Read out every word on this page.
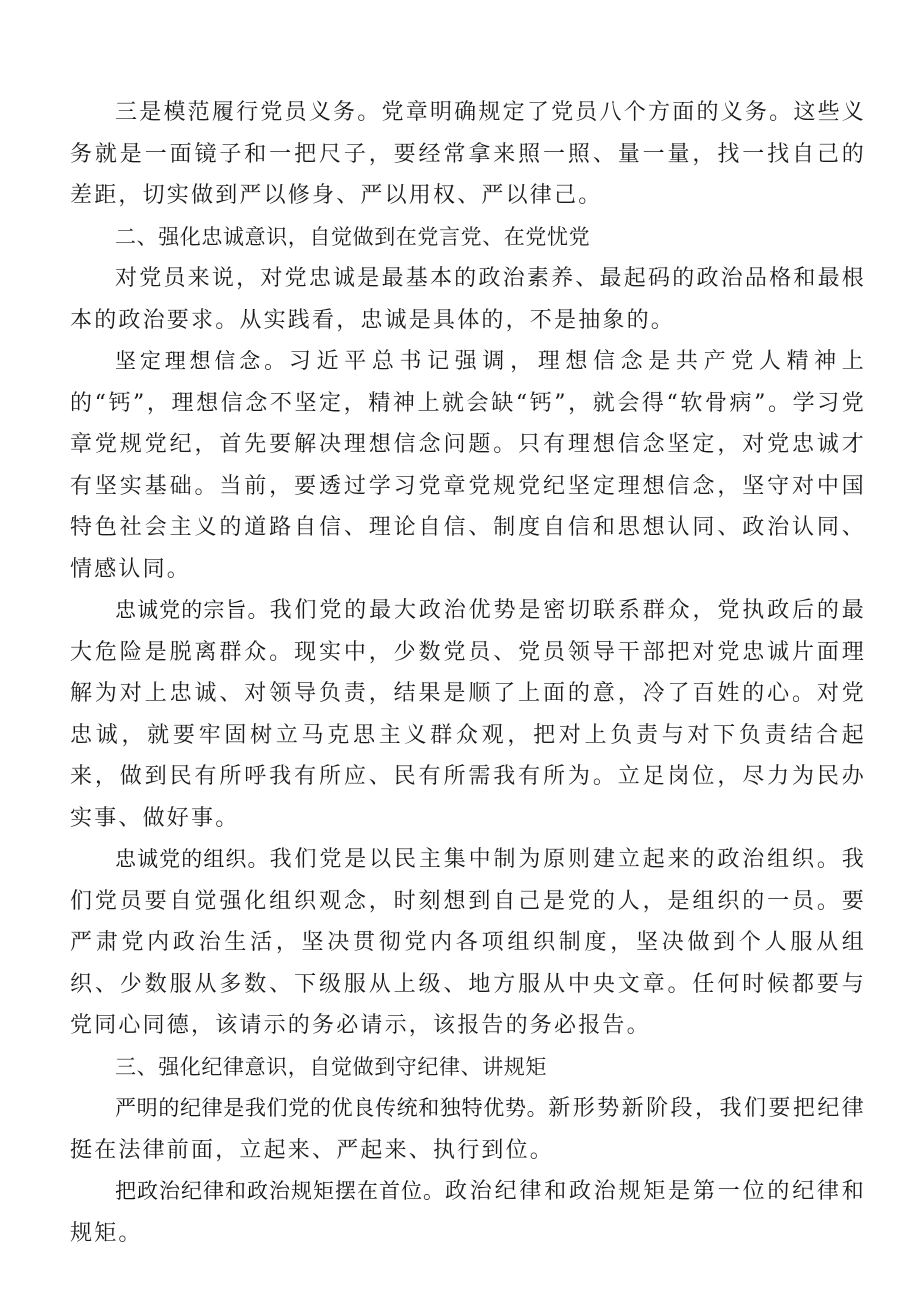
三是模范履行党员义务。党章明确规定了党员八个方面的义务。这些义务就是一面镜子和一把尺子，要经常拿来照一照、量一量，找一找自己的差距，切实做到严以修身、严以用权、严以律己。

二、强化忠诚意识，自觉做到在党言党、在党忧党

对党员来说，对党忠诚是最基本的政治素养、最起码的政治品格和最根本的政治要求。从实践看，忠诚是具体的，不是抽象的。

坚定理想信念。习近平总书记强调，理想信念是共产党人精神上的“钙”，理想信念不坚定，精神上就会缺“钙”，就会得“软骨病”。学习党章党规党纪，首先要解决理想信念问题。只有理想信念坚定，对党忠诚才有坚实基础。当前，要透过学习党章党规党纪坚定理想信念，坚守对中国特色社会主义的道路自信、理论自信、制度自信和思想认同、政治认同、情感认同。

忠诚党的宗旨。我们党的最大政治优势是密切联系群众，党执政后的最大危险是脱离群众。现实中，少数党员、党员领导干部把对党忠诚片面理解为对上忠诚、对领导负责，结果是顺了上面的意，冷了百姓的心。对党忠诚，就要牢固树立马克思主义群众观，把对上负责与对下负责结合起来，做到民有所呼我有所应、民有所需我有所为。立足岗位，尽力为民办实事、做好事。

忠诚党的组织。我们党是以民主集中制为原则建立起来的政治组织。我们党员要自觉强化组织观念，时刻想到自己是党的人，是组织的一员。要严肃党内政治生活，坚决贯彻党内各项组织制度，坚决做到个人服从组织、少数服从多数、下级服从上级、地方服从中央文章。任何时候都要与党同心同德，该请示的务必请示，该报告的务必报告。

三、强化纪律意识，自觉做到守纪律、讲规矩

严明的纪律是我们党的优良传统和独特优势。新形势新阶段，我们要把纪律挺在法律前面，立起来、严起来、执行到位。

把政治纪律和政治规矩摆在首位。政治纪律和政治规矩是第一位的纪律和规矩。
